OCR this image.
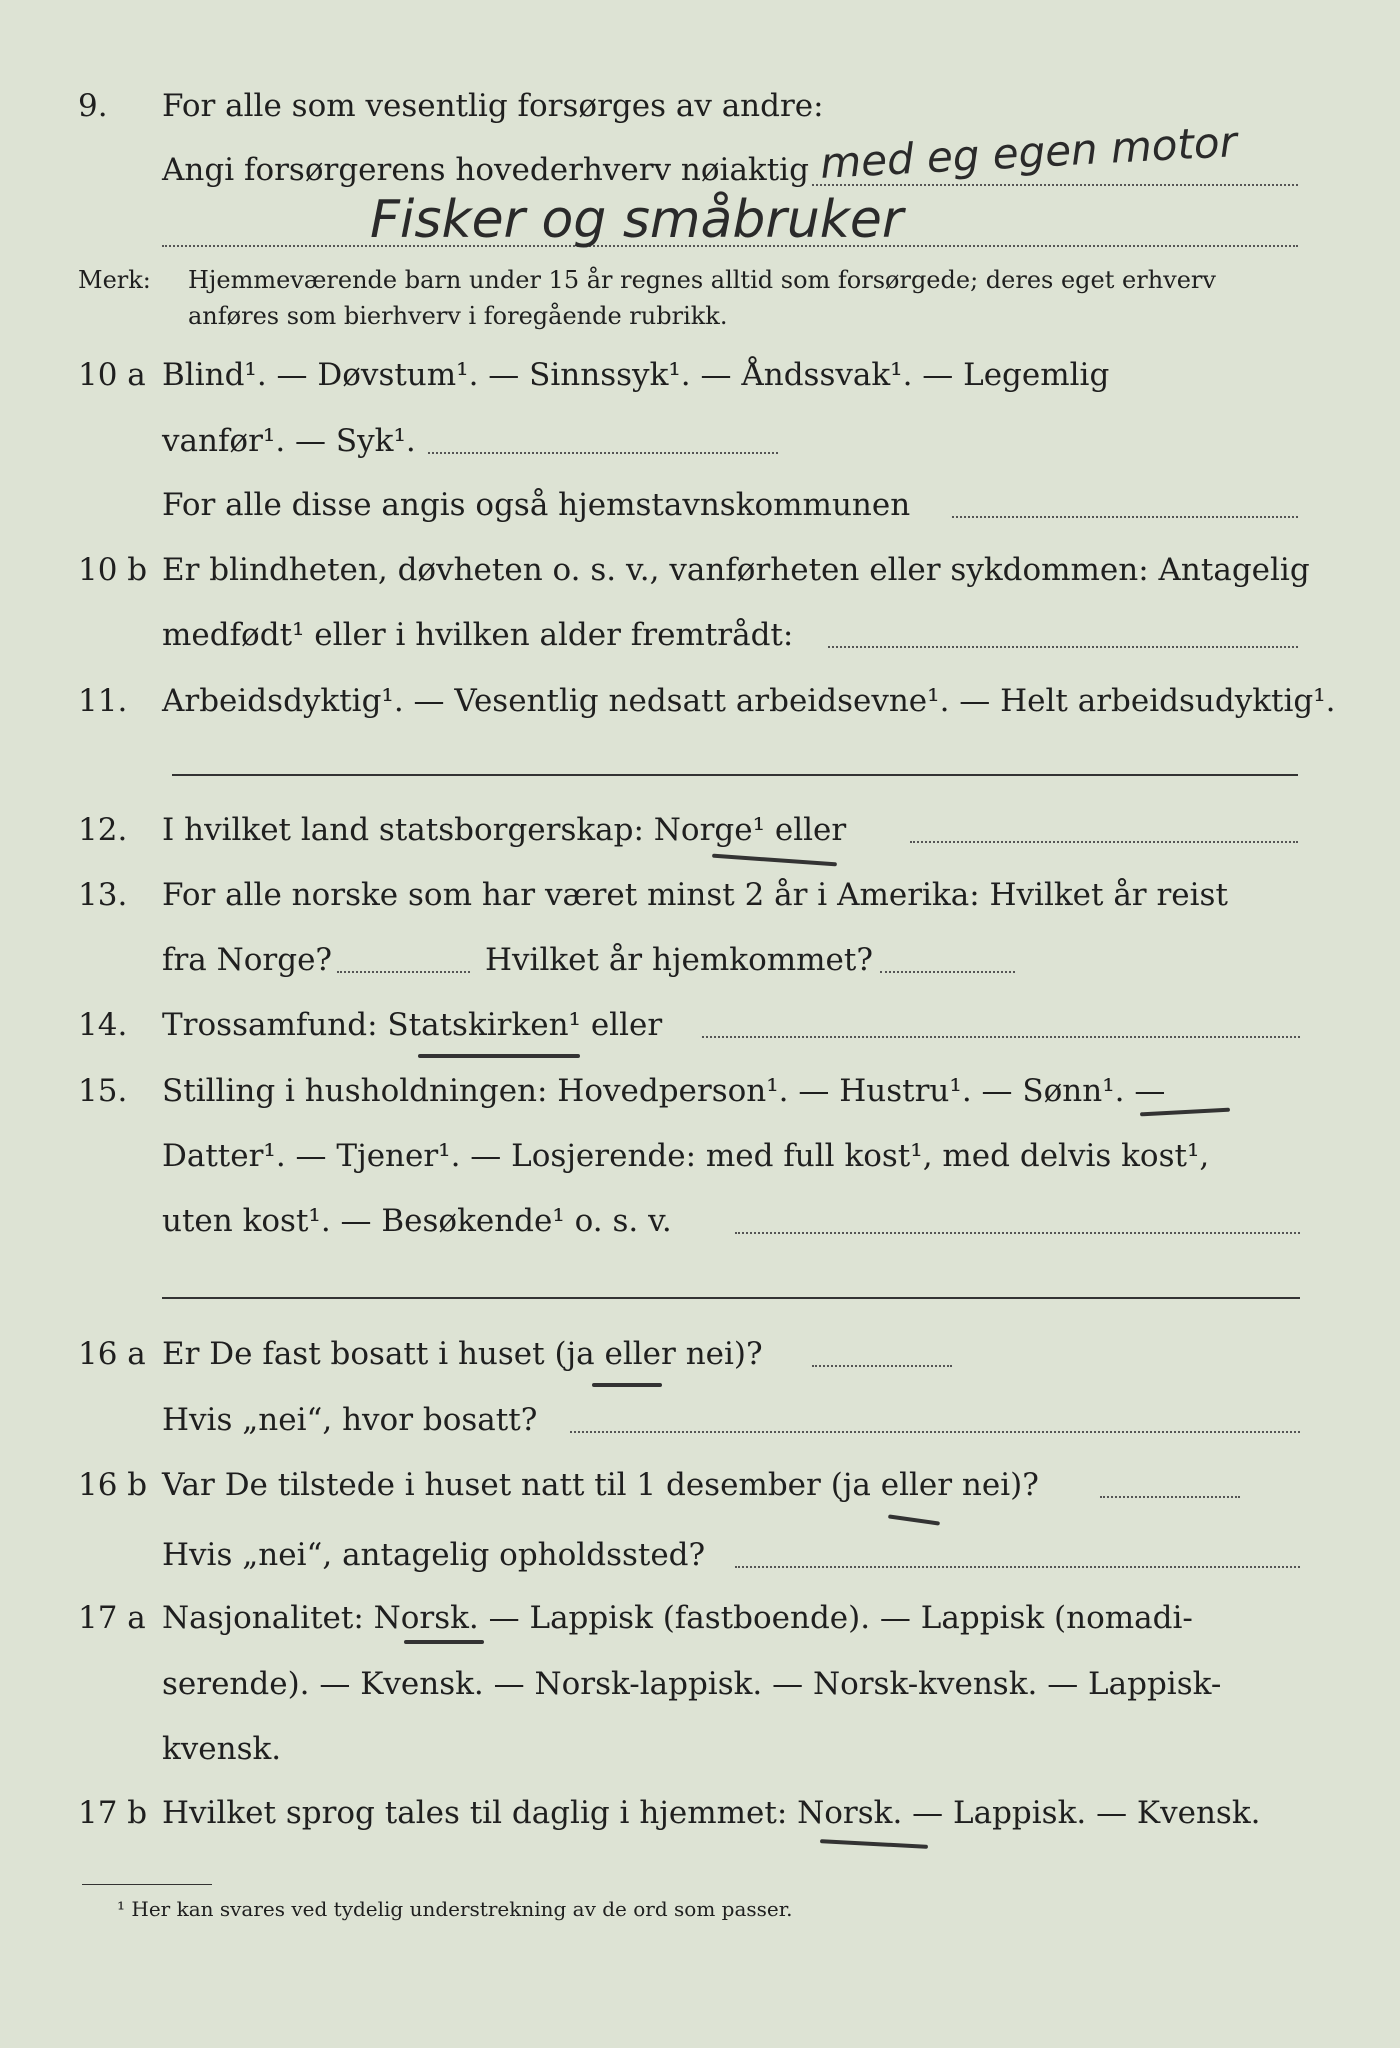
9. For alle som vesentlig forsørges av andre:
Angi forsørgerens hovederhverv nøiaktig med eg egen motor
Fisker og småbruker
Merk: Hjemmeværende barn under 15 år regnes alltid som forsørgede; deres eget erhverv
anføres som bierhverv i foregående rubrikk.
10 a Blind¹. — Døvstum¹. — Sinnssyk¹. — Åndssvak¹. — Legemlig
vanfør¹. — Syk¹.
For alle disse angis også hjemstavnskommunen
10 b Er blindheten, døvheten o. s. v., vanførheten eller sykdommen: Antagelig
medfødt¹ eller i hvilken alder fremtrådt:
11. Arbeidsdyktig¹. — Vesentlig nedsatt arbeidsevne¹. — Helt arbeidsudyktig¹.
12. I hvilket land statsborgerskap: Norge¹ eller
13. For alle norske som har været minst 2 år i Amerika: Hvilket år reist
fra Norge?	Hvilket år hjemkommet?
14. Trossamfund: Statskirken¹ eller
15. Stilling i husholdningen: Hovedperson¹. — Hustru¹. — Sønn¹. —
Datter¹. — Tjener¹. — Losjerende: med full kost¹, med delvis kost¹,
uten kost¹. — Besøkende¹ o. s. v.
16 a Er De fast bosatt i huset (ja eller nei)?
Hvis „nei“, hvor bosatt?
16 b Var De tilstede i huset natt til 1 desember (ja eller nei)?
Hvis „nei“, antagelig opholdssted?
17 a Nasjonalitet: Norsk. — Lappisk (fastboende). — Lappisk (nomadi-
serende). — Kvensk. — Norsk-lappisk. — Norsk-kvensk. — Lappisk-
kvensk.
17 b Hvilket sprog tales til daglig i hjemmet: Norsk. — Lappisk. — Kvensk.
¹ Her kan svares ved tydelig understrekning av de ord som passer.
